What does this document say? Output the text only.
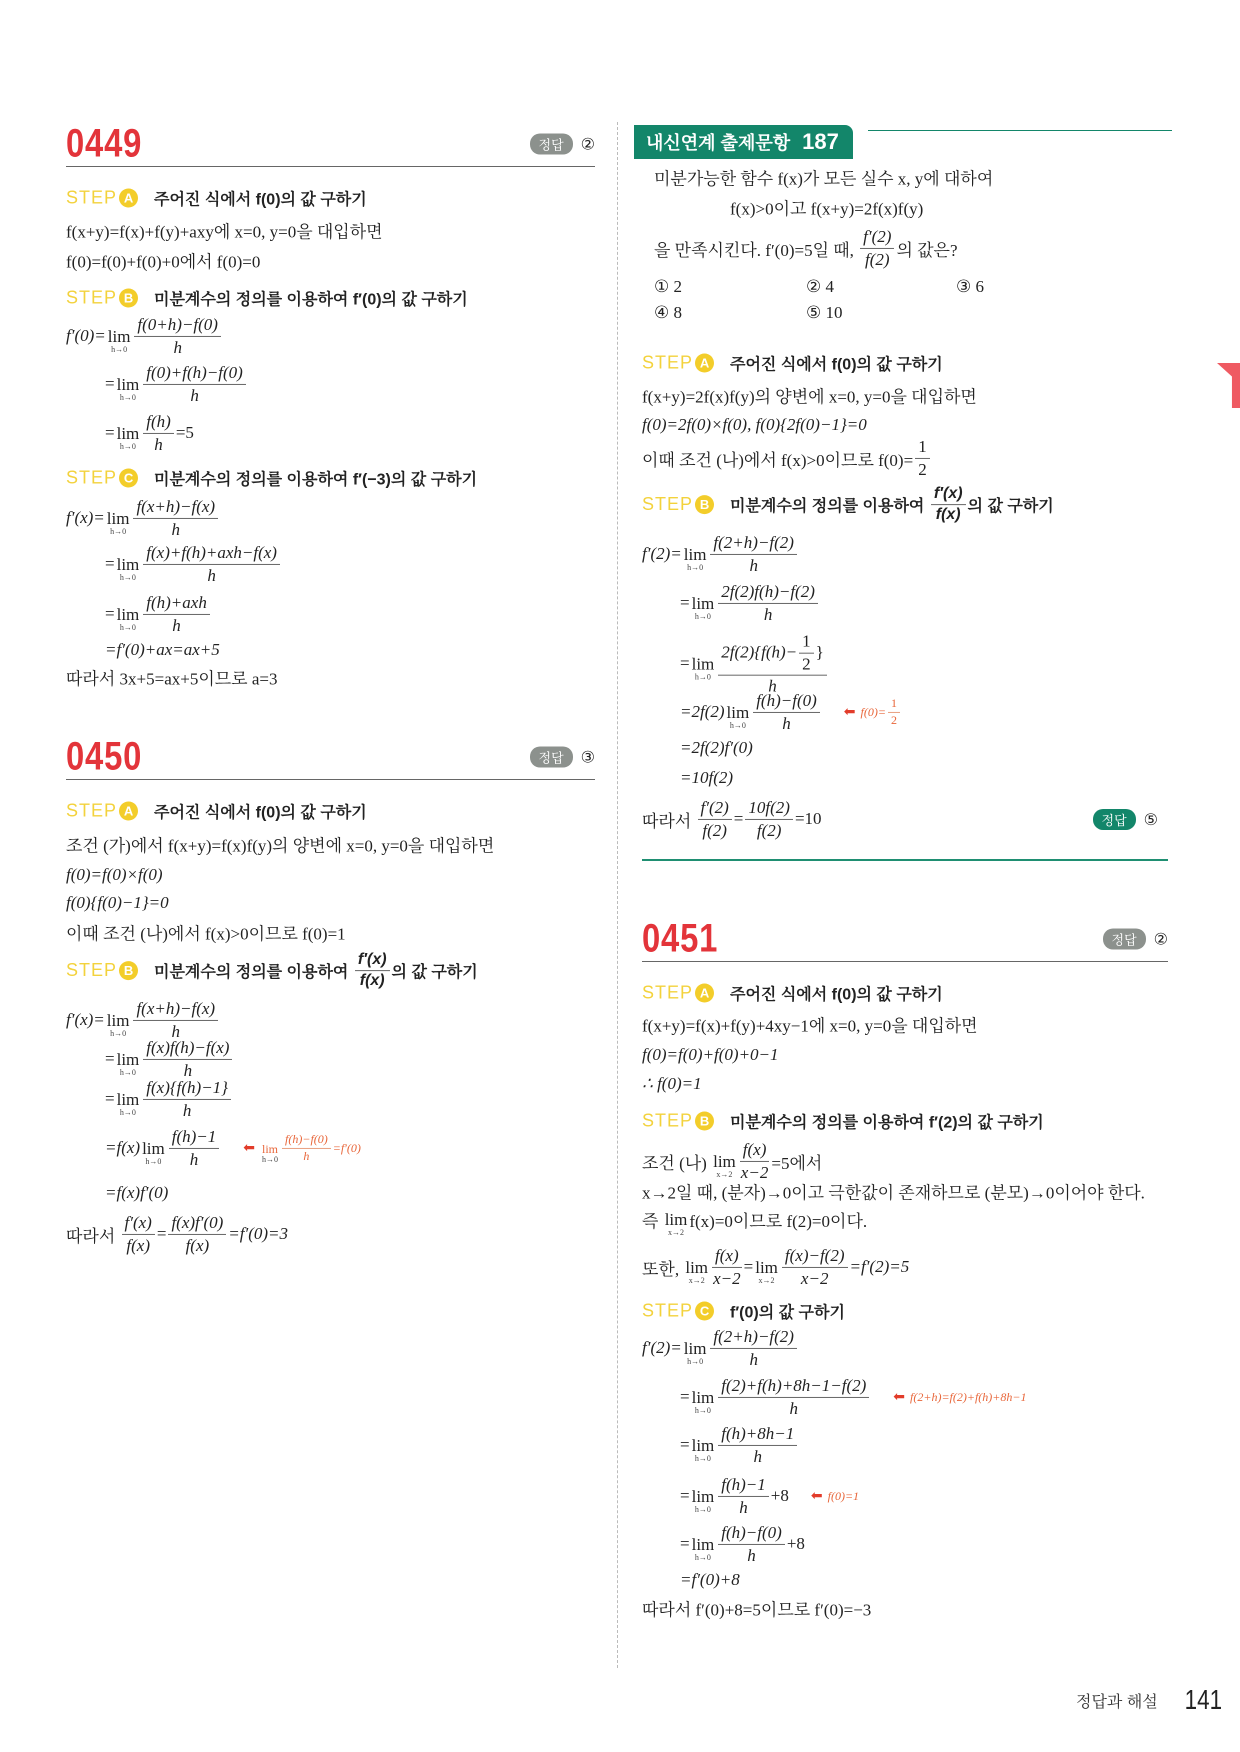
0449	정답	②
STEP A	주어진 식에서 f(0)의 값 구하기
f(x+y)=f(x)+f(y)+axy에 x=0, y=0을 대입하면
f(0)=f(0)+f(0)+0에서 f(0)=0
STEP B	미분계수의 정의를 이용하여 f′(0)의 값 구하기
f′(0)= lim
$h\to 0 \frac{f(0+h)-f(0)}{h}$
= lim
$h\to 0 \frac{f(0)+f(h)-f(0)}{h}$
= lim
$h\to 0 \frac{f(h)}{h} =5$
STEP C	미분계수의 정의를 이용하여 f′(−3)의 값 구하기
f′(x)= lim
$h\to 0 \frac{f(x+h)-f(x)}{h}$
= lim
$h\to 0 \frac{\text{f(x)+f(h)+axh−f(x)}}{h}$
= lim
$h\to 0 \frac{\text{f(h)+axh}}{h}$
=f′(0)+ax=ax+5
따라서 3x+5=ax+5이므로 a=3
0450	정답	③
STEP A	주어진 식에서 f(0)의 값 구하기
조건 (가)에서 f(x+y)=f(x)f(y)의 양변에 x=0, y=0을 대입하면
f(0)=f(0)×f(0)
f(0){f(0)−1}=0
이때 조건 (나)에서 f(x)>0이므로 f(0)=1
STEP B	미분계수의 정의를 이용하여 $\frac{f'(x)}{f(x)}$ 의 값 구하기
f′(x)= lim
$h\to 0 \frac{f(x+h)-f(x)}{h}$
= lim
$h\to 0 \frac{f(x)f(h)-f(x)}{h}$
= lim
$h\to 0 \frac{f(x)\{f(h)-1\}}{h}$
=f(x) lim
$h\to 0 \frac{f(h)-1}{h}$ ⬅ lim
$h\to 0 \frac{f(h)-f(0)}{h} =f'(0)$
=f(x)f′(0)
따라서 $\frac{f'(x)}{f(x)} = \frac{f(x)f'(0)}{f(x)} =f'(0)=3$
내신연계 출제문항 187
미분가능한 함수 f(x)가 모든 실수 x, y에 대하여
f(x)>0이고 f(x+y)=2f(x)f(y)
을 만족시킨다. f′(0)=5일 때, $\frac{f'(2)}{f(2)}$ 의 값은?
① 2	② 4	③ 6
④ 8	⑤ 10
STEP A	주어진 식에서 f(0)의 값 구하기
f(x+y)=2f(x)f(y)의 양변에 x=0, y=0을 대입하면
f(0)=2f(0)×f(0), f(0){2f(0)−1}=0
이때 조건 (나)에서 f(x)>0이므로 $f(0)= \frac{1}{2}$
STEP B	미분계수의 정의를 이용하여 $\frac{f'(x)}{f(x)}$ 의 값 구하기
f′(2)= lim
$h\to 0 \frac{f(2+h)-f(2)}{h}$
= lim
$h\to 0 \frac{2f(2)f(h)-f(2)}{h}$
= lim
$h\to 0 \frac{2f(2)\{f(h)- \frac{1}{2} \}}{h}$
=2f(2) lim
$h\to 0 \frac{f(h)-f(0)}{h}$ ⬅ $f(0)= \frac{1}{2}$
=2f(2)f′(0)
=10f(2)
따라서 $\frac{f'(2)}{f(2)} = \frac{10f(2)}{f(2)} =10$	정답	⑤
0451	정답	②
STEP A	주어진 식에서 f(0)의 값 구하기
f(x+y)=f(x)+f(y)+4xy−1에 x=0, y=0을 대입하면
f(0)=f(0)+f(0)+0−1
∴ f(0)=1
STEP B	미분계수의 정의를 이용하여 f′(2)의 값 구하기
조건 (나) lim
$x\to 2 \frac{f(x)}{x-2} =5$에서
x→2일 때, (분자)→0이고 극한값이 존재하므로 (분모)→0이어야 한다.
즉 lim
x→2
f(x)=0이므로 f(2)=0이다.
또한, lim
$x\to 2 \frac{f(x)}{x-2} = \lim$
$x\to 2 \frac{f(x)-f(2)}{x-2} =f'(2)=5$
STEP C	f′(0)의 값 구하기
f′(2)= lim
$h\to 0 \frac{f(2+h)-f(2)}{h}$
= lim
$h\to 0 \frac{f(2)+f(h)+8h-1-f(2)}{h}$ ⬅ f(2+h)=f(2)+f(h)+8h−1
= lim
$h\to 0 \frac{f(h)+8h-1}{h}$
= lim
$h\to 0 \frac{f(h)-1}{h} +8$ ⬅ f(0)=1
= lim
$h\to 0 \frac{f(h)-f(0)}{h} +8$
=f′(0)+8
따라서 f′(0)+8=5이므로 f′(0)=−3
정답과 해설 141
